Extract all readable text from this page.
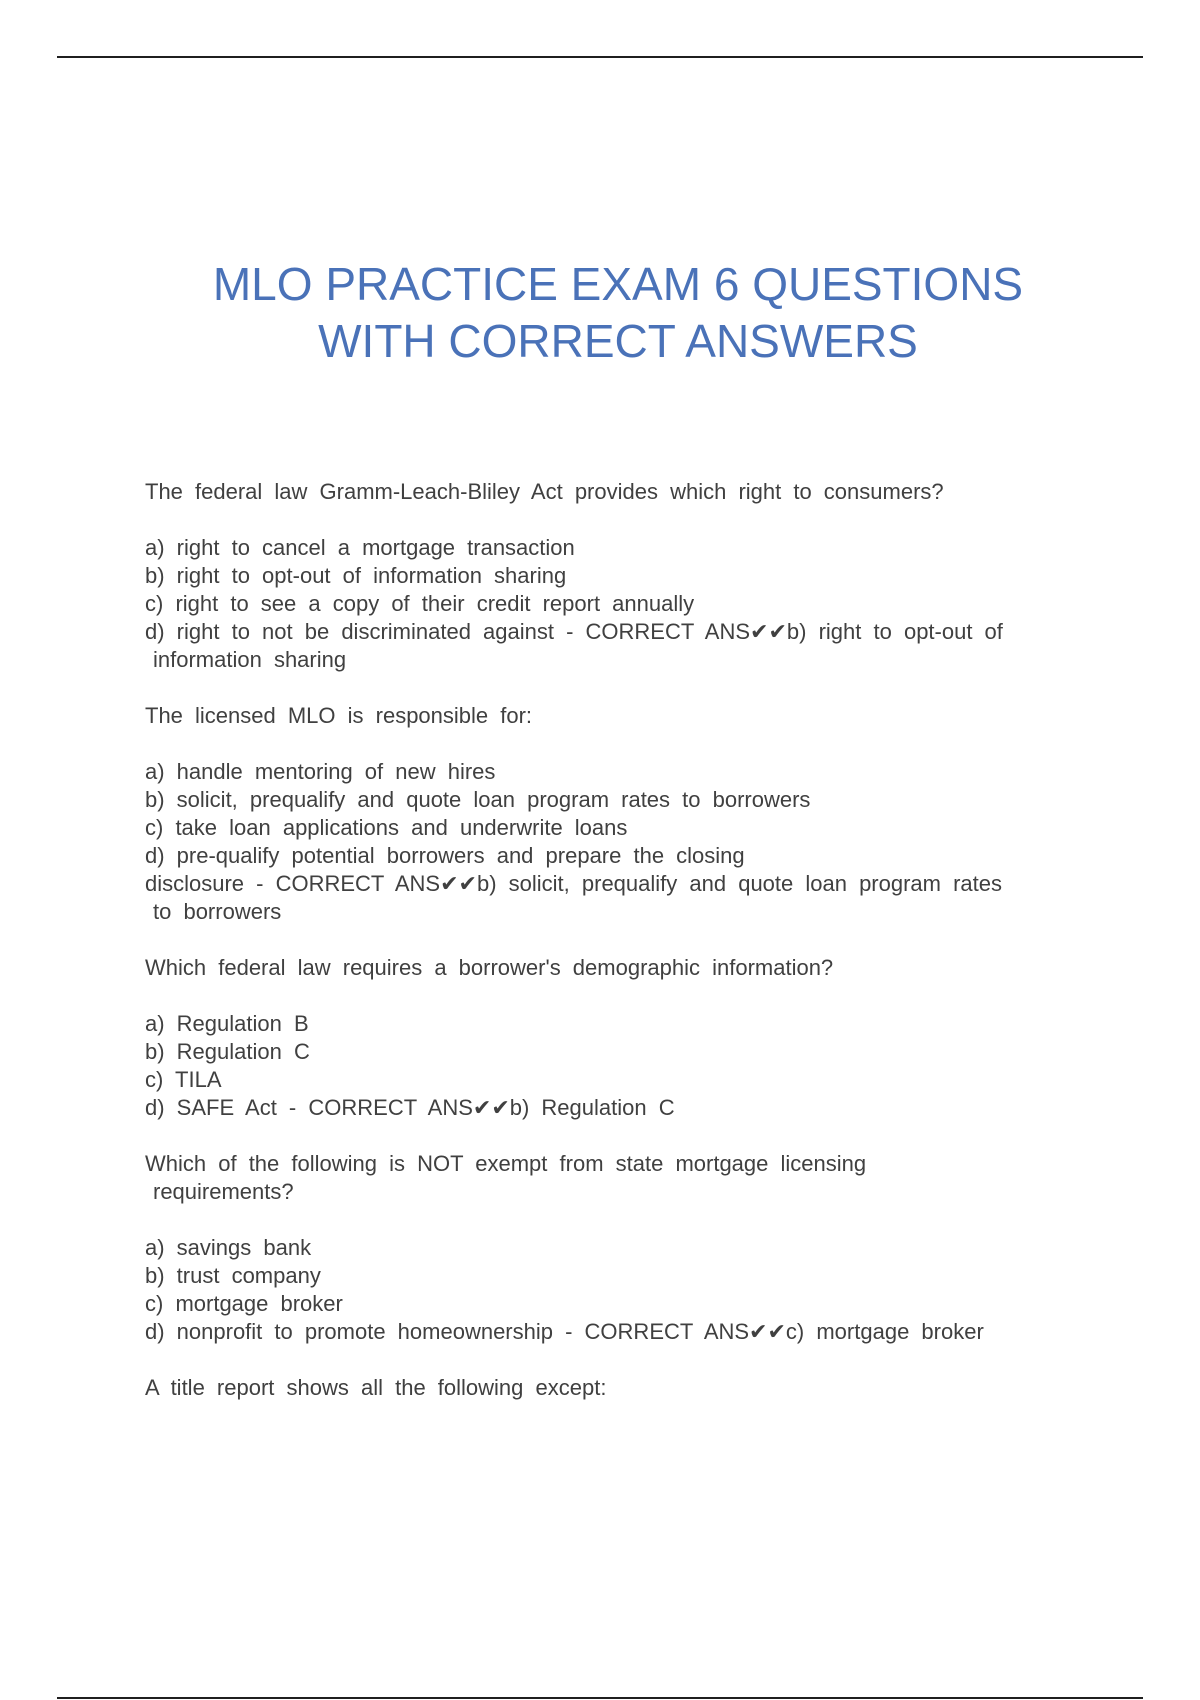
MLO PRACTICE EXAM 6 QUESTIONS
WITH CORRECT ANSWERS

The federal law Gramm-Leach-Bliley Act provides which right to consumers?

a) right to cancel a mortgage transaction

b) right to opt-out of information sharing

c) right to see a copy of their credit report annually

d) right to not be discriminated against - CORRECT ANS✔✔b) right to opt-out of

information sharing

The licensed MLO is responsible for:

a) handle mentoring of new hires

b) solicit, prequalify and quote loan program rates to borrowers

c) take loan applications and underwrite loans

d) pre-qualify potential borrowers and prepare the closing

disclosure - CORRECT ANS✔✔b) solicit, prequalify and quote loan program rates

to borrowers

Which federal law requires a borrower's demographic information?

a) Regulation B

b) Regulation C

c) TILA

d) SAFE Act - CORRECT ANS✔✔b) Regulation C

Which of the following is NOT exempt from state mortgage licensing

requirements?

a) savings bank

b) trust company

c) mortgage broker

d) nonprofit to promote homeownership - CORRECT ANS✔✔c) mortgage broker

A title report shows all the following except:
